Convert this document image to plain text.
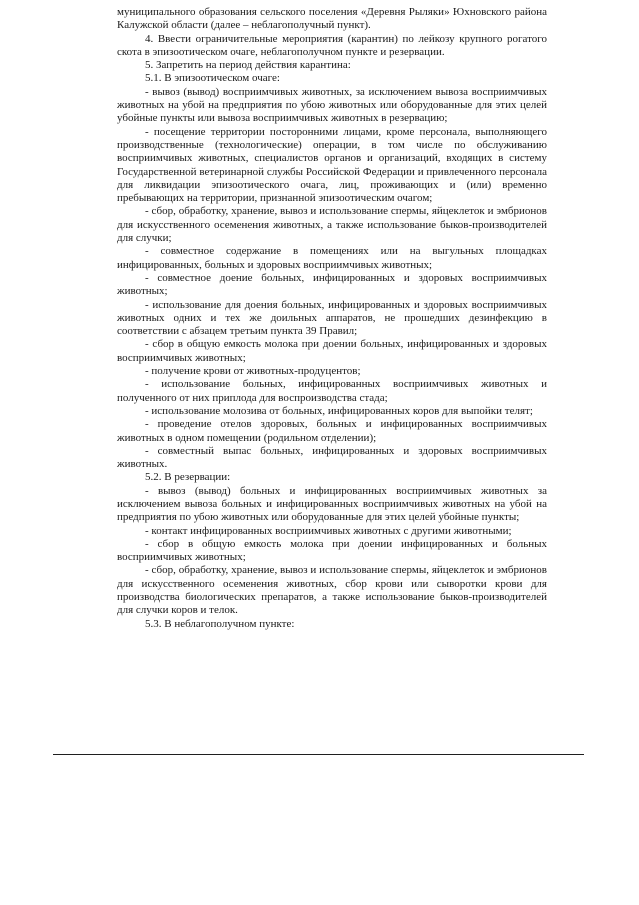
муниципального образования сельского поселения «Деревня Рыляки» Юхновского района Калужской области (далее – неблагополучный пункт).

4. Ввести ограничительные мероприятия (карантин) по лейкозу крупного рогатого скота в эпизоотическом очаге, неблагополучном пункте и резервации.

5. Запретить на период действия карантина:

5.1. В эпизоотическом очаге:

- вывоз (вывод) восприимчивых животных, за исключением вывоза восприимчивых животных на убой на предприятия по убою животных или оборудованные для этих целей убойные пункты или вывоза восприимчивых животных в резервацию;

- посещение территории посторонними лицами, кроме персонала, выполняющего производственные (технологические) операции, в том числе по обслуживанию восприимчивых животных, специалистов органов и организаций, входящих в систему Государственной ветеринарной службы Российской Федерации и привлеченного персонала для ликвидации эпизоотического очага, лиц, проживающих и (или) временно пребывающих на территории, признанной эпизоотическим очагом;

- сбор, обработку, хранение, вывоз и использование спермы, яйцеклеток и эмбрионов для искусственного осеменения животных, а также использование быков-производителей для случки;

- совместное содержание в помещениях или на выгульных площадках инфицированных, больных и здоровых восприимчивых животных;

- совместное доение больных, инфицированных и здоровых восприимчивых животных;

- использование для доения больных, инфицированных и здоровых восприимчивых животных одних и тех же доильных аппаратов, не прошедших дезинфекцию в соответствии с абзацем третьим пункта 39 Правил;

- сбор в общую емкость молока при доении больных, инфицированных и здоровых восприимчивых животных;

- получение крови от животных-продуцентов;

- использование больных, инфицированных восприимчивых животных и полученного от них приплода для воспроизводства стада;

- использование молозива от больных, инфицированных коров для выпойки телят;

- проведение отелов здоровых, больных и инфицированных восприимчивых животных в одном помещении (родильном отделении);

- совместный выпас больных, инфицированных и здоровых восприимчивых животных.

5.2. В резервации:

- вывоз (вывод) больных и инфицированных восприимчивых животных за исключением вывоза больных и инфицированных восприимчивых животных на убой на предприятия по убою животных или оборудованные для этих целей убойные пункты;

- контакт инфицированных восприимчивых животных с другими животными;

- сбор в общую емкость молока при доении инфицированных и больных восприимчивых животных;

- сбор, обработку, хранение, вывоз и использование спермы, яйцеклеток и эмбрионов для искусственного осеменения животных, сбор крови или сыворотки крови для производства биологических препаратов, а также использование быков-производителей для случки коров и телок.

5.3. В неблагополучном пункте:
